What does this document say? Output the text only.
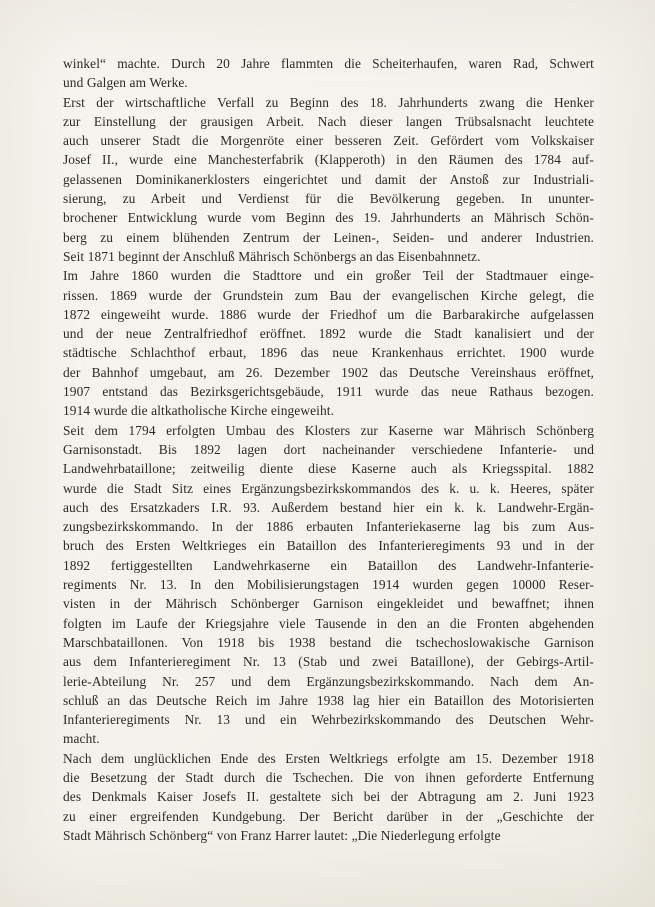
winkel“ machte. Durch 20 Jahre flammten die Scheiterhaufen, waren Rad, Schwert
und Galgen am Werke.
Erst der wirtschaftliche Verfall zu Beginn des 18. Jahrhunderts zwang die Henker
zur Einstellung der grausigen Arbeit. Nach dieser langen Trübsalsnacht leuchtete
auch unserer Stadt die Morgenröte einer besseren Zeit. Gefördert vom Volkskaiser
Josef II., wurde eine Manchesterfabrik (Klapperoth) in den Räumen des 1784 auf-
gelassenen Dominikanerklosters eingerichtet und damit der Anstoß zur Industriali-
sierung, zu Arbeit und Verdienst für die Bevölkerung gegeben. In ununter-
brochener Entwicklung wurde vom Beginn des 19. Jahrhunderts an Mährisch Schön-
berg zu einem blühenden Zentrum der Leinen-, Seiden- und anderer Industrien.
Seit 1871 beginnt der Anschluß Mährisch Schönbergs an das Eisenbahnnetz.
Im Jahre 1860 wurden die Stadttore und ein großer Teil der Stadtmauer einge-
rissen. 1869 wurde der Grundstein zum Bau der evangelischen Kirche gelegt, die
1872 eingeweiht wurde. 1886 wurde der Friedhof um die Barbarakirche aufgelassen
und der neue Zentralfriedhof eröffnet. 1892 wurde die Stadt kanalisiert und der
städtische Schlachthof erbaut, 1896 das neue Krankenhaus errichtet. 1900 wurde
der Bahnhof umgebaut, am 26. Dezember 1902 das Deutsche Vereinshaus eröffnet,
1907 entstand das Bezirksgerichtsgebäude, 1911 wurde das neue Rathaus bezogen.
1914 wurde die altkatholische Kirche eingeweiht.
Seit dem 1794 erfolgten Umbau des Klosters zur Kaserne war Mährisch Schönberg
Garnisonstadt. Bis 1892 lagen dort nacheinander verschiedene Infanterie- und
Landwehrbataillone; zeitweilig diente diese Kaserne auch als Kriegsspital. 1882
wurde die Stadt Sitz eines Ergänzungsbezirkskommandos des k. u. k. Heeres, später
auch des Ersatzkaders I.R. 93. Außerdem bestand hier ein k. k. Landwehr-Ergän-
zungsbezirkskommando. In der 1886 erbauten Infanteriekaserne lag bis zum Aus-
bruch des Ersten Weltkrieges ein Bataillon des Infanterieregiments 93 und in der
1892 fertiggestellten Landwehrkaserne ein Bataillon des Landwehr-Infanterie-
regiments Nr. 13. In den Mobilisierungstagen 1914 wurden gegen 10000 Reser-
visten in der Mährisch Schönberger Garnison eingekleidet und bewaffnet; ihnen
folgten im Laufe der Kriegsjahre viele Tausende in den an die Fronten abgehenden
Marschbataillonen. Von 1918 bis 1938 bestand die tschechoslowakische Garnison
aus dem Infanterieregiment Nr. 13 (Stab und zwei Bataillone), der Gebirgs-Artil-
lerie-Abteilung Nr. 257 und dem Ergänzungsbezirkskommando. Nach dem An-
schluß an das Deutsche Reich im Jahre 1938 lag hier ein Bataillon des Motorisierten
Infanterieregiments Nr. 13 und ein Wehrbezirkskommando des Deutschen Wehr-
macht.
Nach dem unglücklichen Ende des Ersten Weltkriegs erfolgte am 15. Dezember 1918
die Besetzung der Stadt durch die Tschechen. Die von ihnen geforderte Entfernung
des Denkmals Kaiser Josefs II. gestaltete sich bei der Abtragung am 2. Juni 1923
zu einer ergreifenden Kundgebung. Der Bericht darüber in der „Geschichte der
Stadt Mährisch Schönberg“ von Franz Harrer lautet: „Die Niederlegung erfolgte
